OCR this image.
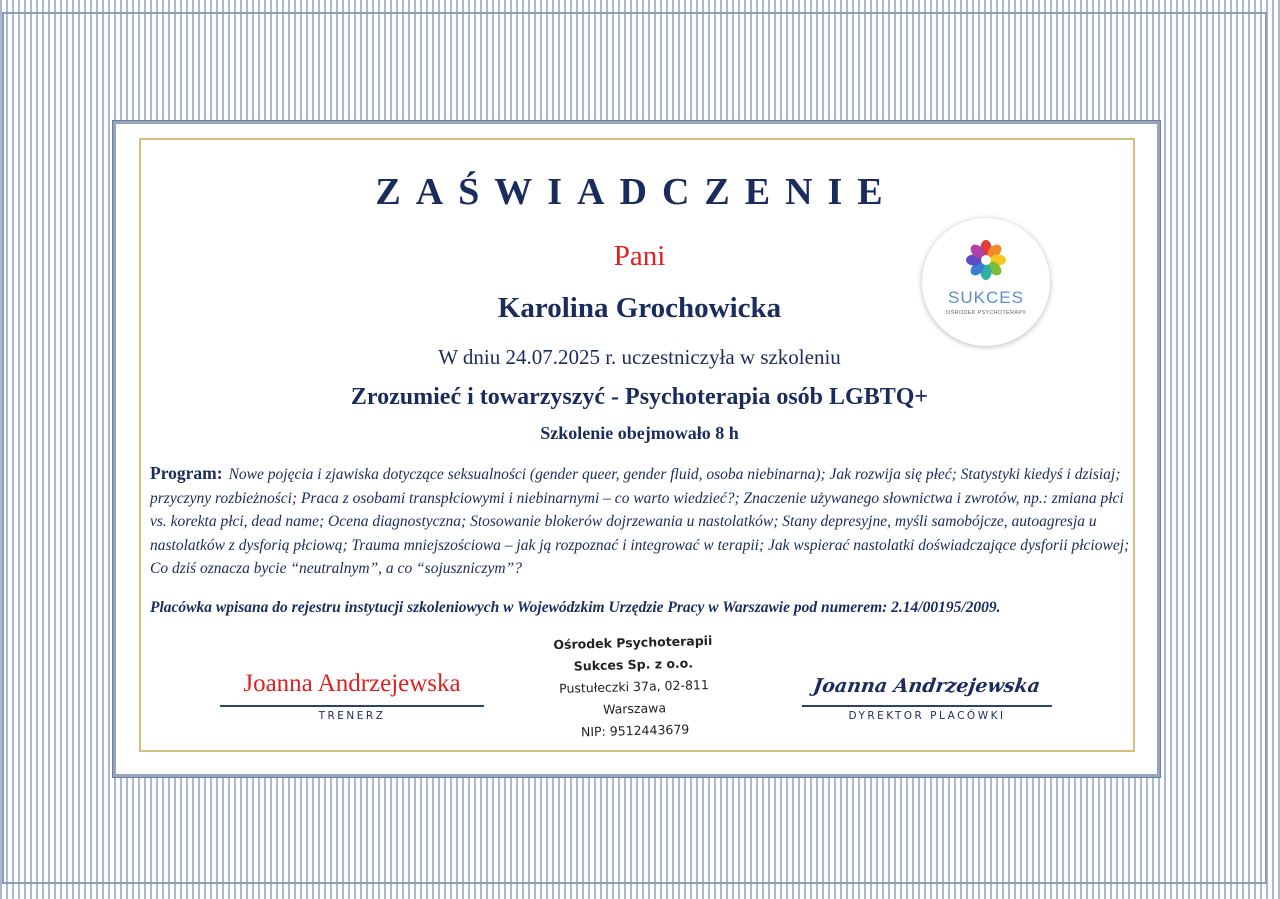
ZAŚWIADCZENIE
Pani
Karolina Grochowicka
W dniu 24.07.2025 r. uczestniczyła w szkoleniu
Zrozumieć i towarzyszyć - Psychoterapia osób LGBTQ+
Szkolenie obejmowało 8 h
Program: Nowe pojęcia i zjawiska dotyczące seksualności (gender queer, gender fluid, osoba niebinarna); Jak rozwija się płeć; Statystyki kiedyś i dzisiaj; przyczyny rozbieżności; Praca z osobami transpłciowymi i niebinarnymi – co warto wiedzieć?; Znaczenie używanego słownictwa i zwrotów, np.: zmiana płci vs. korekta płci, dead name; Ocena diagnostyczna; Stosowanie blokerów dojrzewania u nastolatków; Stany depresyjne, myśli samobójcze, autoagresja u nastolatków z dysforią płciową; Trauma mniejszościowa – jak ją rozpoznać i integrować w terapii; Jak wspierać nastolatki doświadczające dysforii płciowej; Co dziś oznacza bycie “neutralnym”, a co “sojuszniczym”?
Placówka wpisana do rejestru instytucji szkoleniowych w Wojewódzkim Urzędzie Pracy w Warszawie pod numerem: 2.14/00195/2009.
SUKCES
OŚRODEK PSYCHOTERAPII
Joanna Andrzejewska
TRENERZ
Ośrodek Psychoterapii
Sukces Sp. z o.o.
Pustułeczki 37a, 02-811 Warszawa
NIP: 9512443679
Joanna Andrzejewska
DYREKTOR PLACÓWKI
